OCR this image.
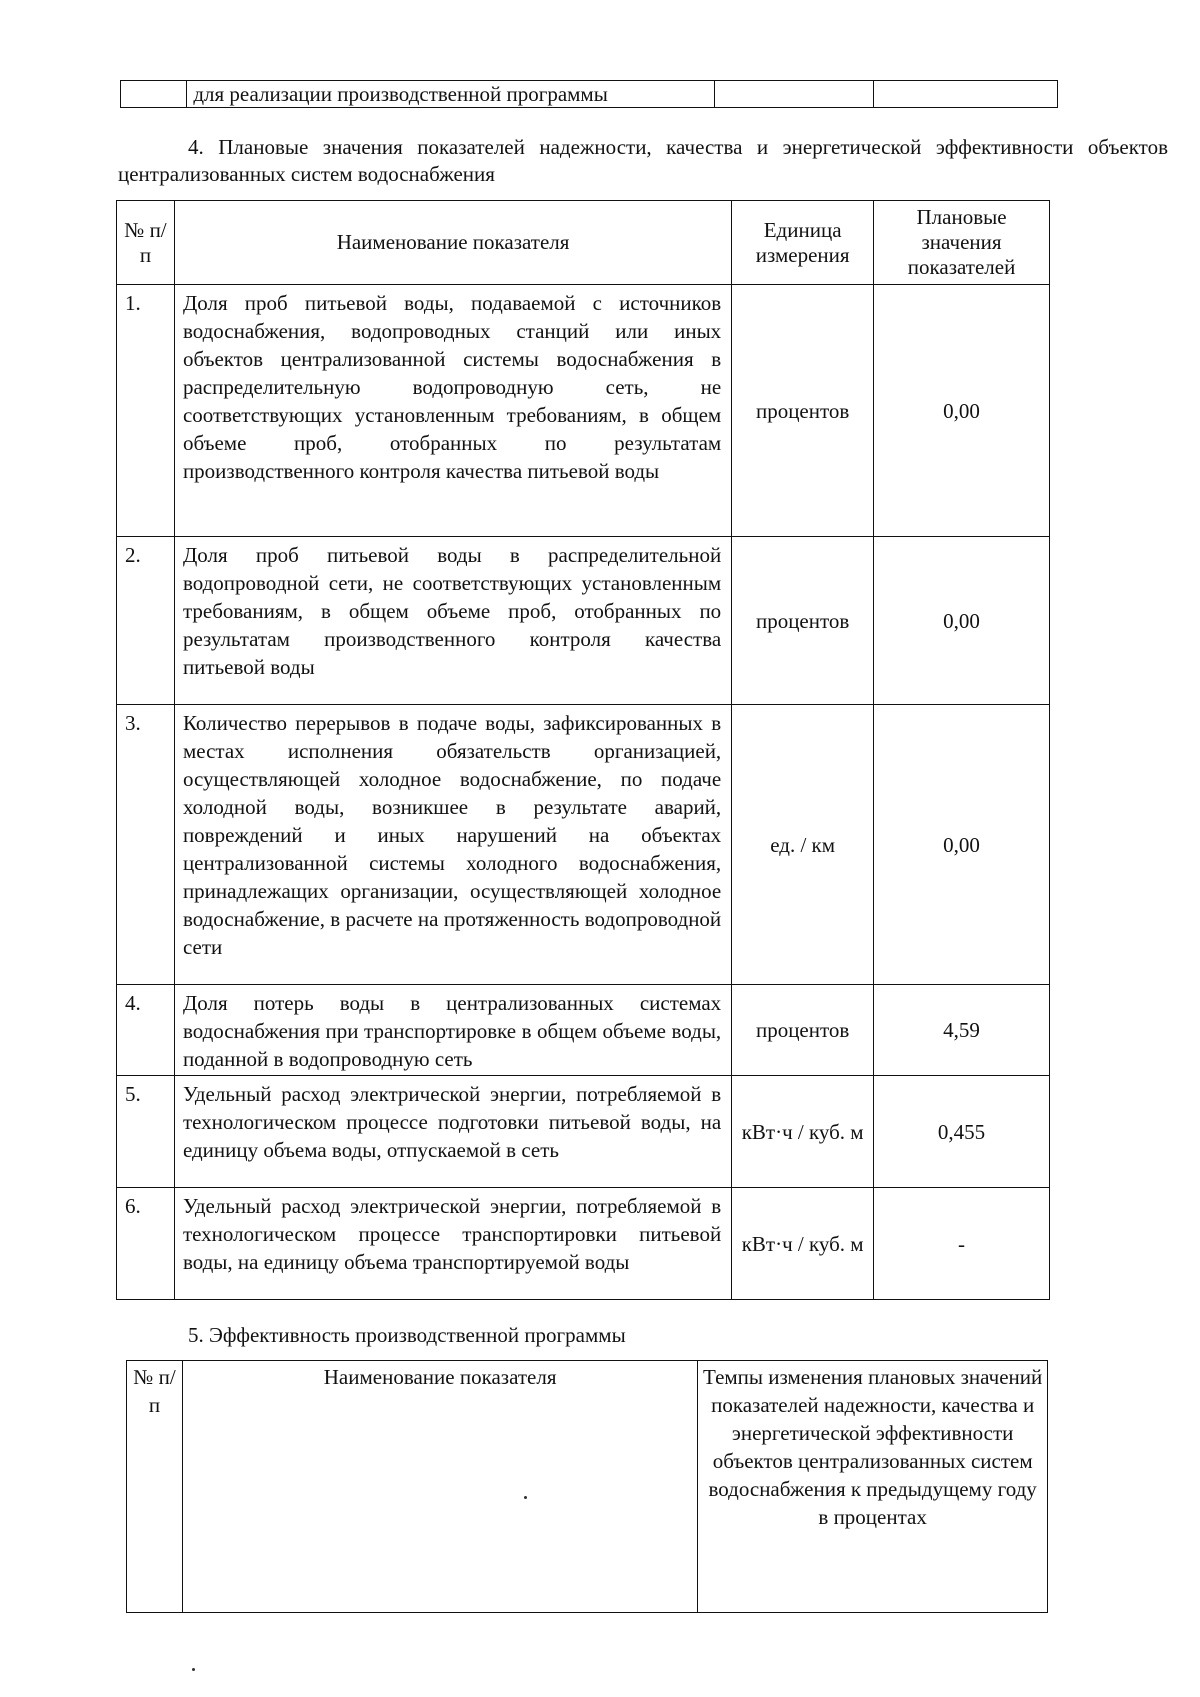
	для реализации производственной программы		

4. Плановые значения показателей надежности, качества и энергетической эффективности объектов централизованных систем водоснабжения

№ п/п	Наименование показателя	Единица измерения	Плановые значения показателей
1.	Доля проб питьевой воды, подаваемой с источников водоснабжения, водопроводных станций или иных объектов централизованной системы водоснабжения в распределительную водопроводную сеть, не соответствующих установленным требованиям, в общем объеме проб, отобранных по результатам производственного контроля качества питьевой воды	процентов	0,00
2.	Доля проб питьевой воды в распределительной водопроводной сети, не соответствующих установленным требованиям, в общем объеме проб, отобранных по результатам производственного контроля качества питьевой воды	процентов	0,00
3.	Количество перерывов в подаче воды, зафиксированных в местах исполнения обязательств организацией, осуществляющей холодное водоснабжение, по подаче холодной воды, возникшее в результате аварий, повреждений и иных нарушений на объектах централизованной системы холодного водоснабжения, принадлежащих организации, осуществляющей холодное водоснабжение, в расчете на протяженность водопроводной сети	ед. / км	0,00
4.	Доля потерь воды в централизованных системах водоснабжения при транспортировке в общем объеме воды, поданной в водопроводную сеть	процентов	4,59
5.	Удельный расход электрической энергии, потребляемой в технологическом процессе подготовки питьевой воды, на единицу объема воды, отпускаемой в сеть	кВт·ч / куб. м	0,455
6.	Удельный расход электрической энергии, потребляемой в технологическом процессе транспортировки питьевой воды, на единицу объема транспортируемой воды	кВт·ч / куб. м	-

5. Эффективность производственной программы

№ п/п	Наименование показателя	Темпы изменения плановых значений показателей надежности, качества и энергетической эффективности объектов централизованных систем водоснабжения к предыдущему году в процентах
